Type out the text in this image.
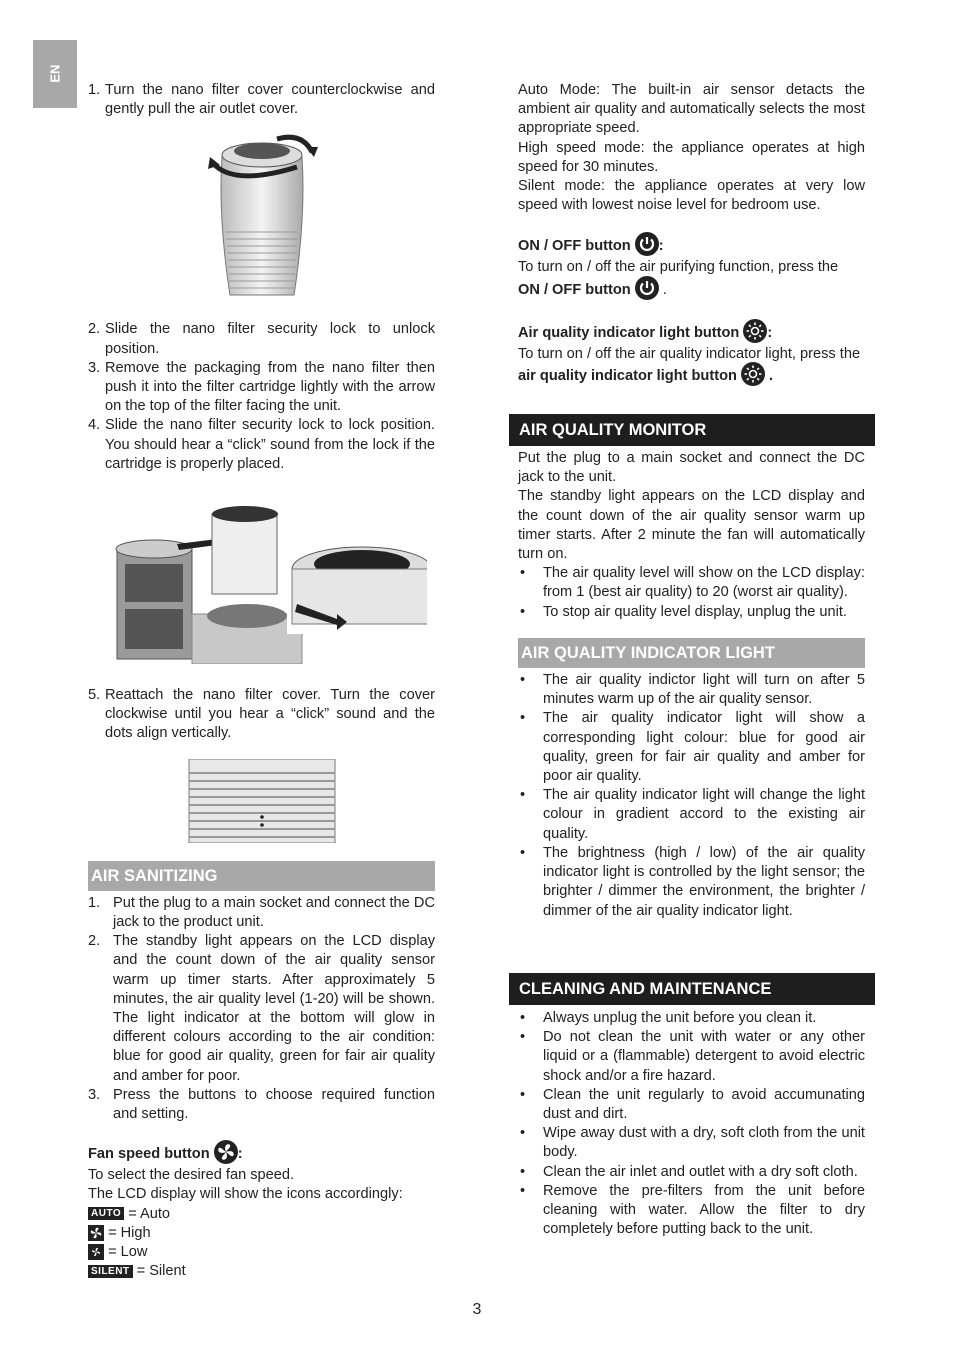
EN
1. Turn the nano filter cover counterclockwise and gently pull the air outlet cover.
2. Slide the nano filter security lock to unlock position.
3. Remove the packaging from the nano filter then push it into the filter cartridge lightly with the arrow on the top of the filter facing the unit.
4. Slide the nano filter security lock to lock position. You should hear a “click” sound from the lock if the cartridge is properly placed.
5. Reattach the nano filter cover. Turn the cover clockwise until you hear a “click” sound and the dots align vertically.
AIR SANITIZING
1. Put the plug to a main socket and connect the DC jack to the product unit.
2. The standby light appears on the LCD display and the count down of the air quality sensor warm up timer starts. After approximately 5 minutes, the air quality level (1-20) will be shown. The light indicator at the bottom will glow in different colours according to the air condition: blue for good air quality, green for fair air quality and amber for poor.
3. Press the buttons to choose required function and setting.
Fan speed button :

To select the desired fan speed.

The LCD display will show the icons accordingly:

AUTO = Auto
= High
= Low
SILENT = Silent

Auto Mode: The built-in air sensor detacts the ambient air quality and automatically selects the most appropriate speed.

High speed mode: the appliance operates at high speed for 30 minutes.

Silent mode: the appliance operates at very low speed with lowest noise level for bedroom use.

ON / OFF button :

To turn on / off the air purifying function, press the

ON / OFF button .
Air quality indicator light button :

To turn on / off the air quality indicator light, press the

air quality indicator light button .
AIR QUALITY MONITOR

Put the plug to a main socket and connect the DC jack to the unit.

The standby light appears on the LCD display and the count down of the air quality sensor warm up timer starts. After 2 minute the fan will automatically turn on.

• The air quality level will show on the LCD display: from 1 (best air quality) to 20 (worst air quality).
• To stop air quality level display, unplug the unit.
AIR QUALITY INDICATOR LIGHT
• The air quality indictor light will turn on after 5 minutes warm up of the air quality sensor.
• The air quality indicator light will show a corresponding light colour: blue for good air quality, green for fair air quality and amber for poor air quality.
• The air quality indicator light will change the light colour in gradient accord to the existing air quality.
• The brightness (high / low) of the air quality indicator light is controlled by the light sensor; the brighter / dimmer the environment, the brighter / dimmer of the air quality indicator light.
CLEANING AND MAINTENANCE
• Always unplug the unit before you clean it.
• Do not clean the unit with water or any other liquid or a (flammable) detergent to avoid electric shock and/or a fire hazard.
• Clean the unit regularly to avoid accumunating dust and dirt.
• Wipe away dust with a dry, soft cloth from the unit body.
• Clean the air inlet and outlet with a dry soft cloth.
• Remove the pre-filters from the unit before cleaning with water. Allow the filter to dry completely before putting back to the unit.
3
